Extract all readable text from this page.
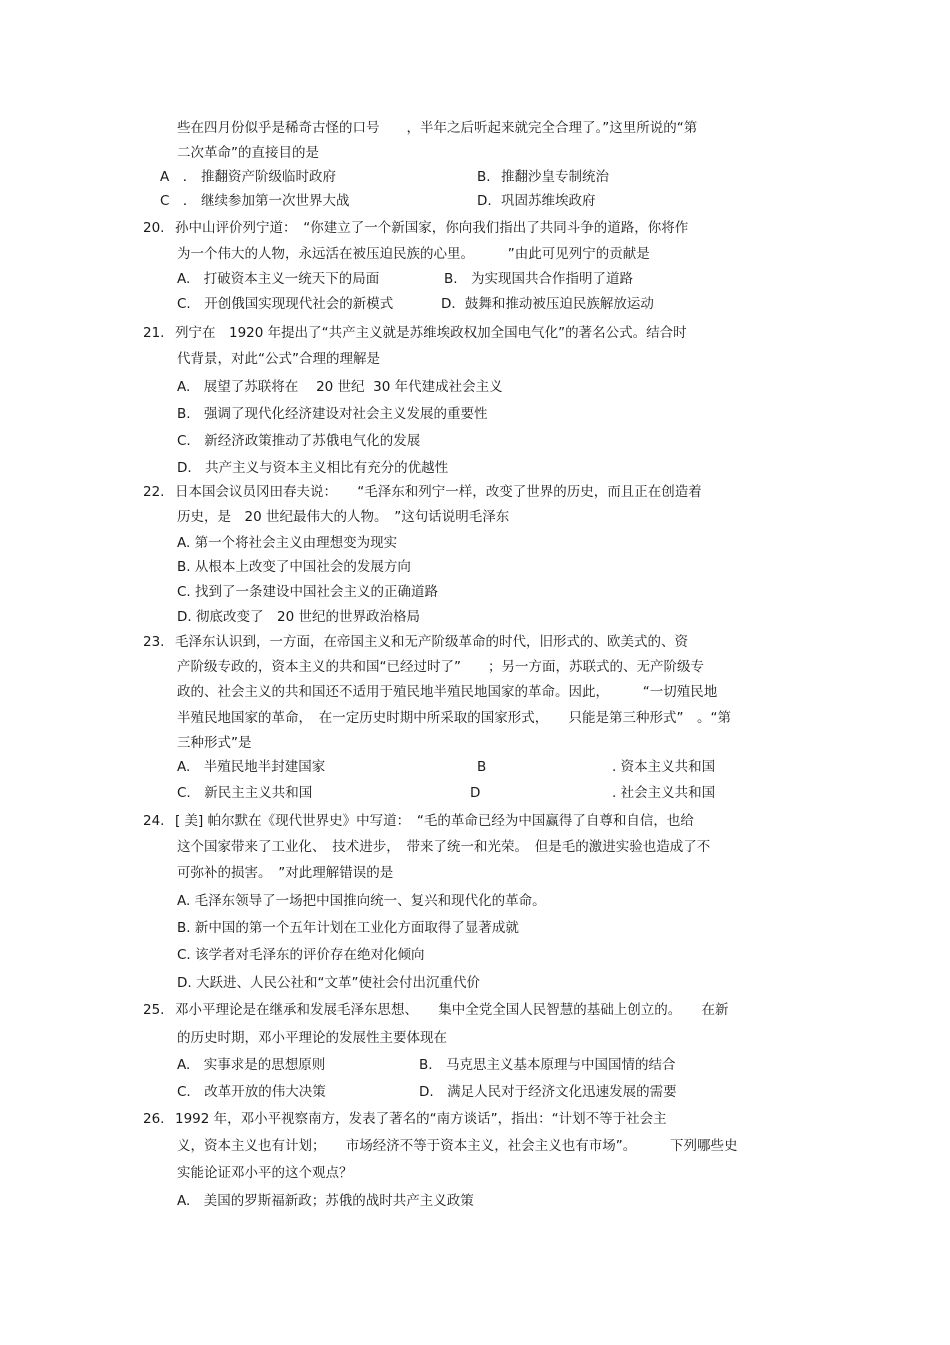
些在四月份似乎是稀奇古怪的口号　　，半年之后听起来就完全合理了。”这里所说的“第
二次革命”的直接目的是
A　． 推翻资产阶级临时政府	B. 推翻沙皇专制统治
C　． 继续参加第一次世界大战	D. 巩固苏维埃政府
20. 孙中山评价列宁道：　“你建立了一个新国家，你向我们指出了共同斗争的道路，你将作
为一个伟大的人物，永远活在被压迫民族的心里。　　　”由此可见列宁的贡献是
A.　打破资本主义一统天下的局面	B.　为实现国共合作指明了道路
C.　开创俄国实现现代社会的新模式	D．鼓舞和推动被压迫民族解放运动
21. 列宁在　1920 年提出了“共产主义就是苏维埃政权加全国电气化”的著名公式。结合时
代背景，对此“公式”合理的理解是
A.　展望了苏联将在　 20 世纪  30 年代建成社会主义
B.　强调了现代化经济建设对社会主义发展的重要性
C.　新经济政策推动了苏俄电气化的发展
D.　共产主义与资本主义相比有充分的优越性
22. 日本国会议员冈田春夫说：　　“毛泽东和列宁一样，改变了世界的历史，而且正在创造着
历史，是　20 世纪最伟大的人物。　”这句话说明毛泽东
A. 第一个将社会主义由理想变为现实
B. 从根本上改变了中国社会的发展方向
C. 找到了一条建设中国社会主义的正确道路
D. 彻底改变了　20 世纪的世界政治格局
23. 毛泽东认识到，一方面，在帝国主义和无产阶级革命的时代，旧形式的、欧美式的、资
产阶级专政的，资本主义的共和国“已经过时了”　　；另一方面，苏联式的、无产阶级专
政的、社会主义的共和国还不适用于殖民地半殖民地国家的革命。因此，　　　“一切殖民地
半殖民地国家的革命，　在一定历史时期中所采取的国家形式，　　只能是第三种形式”　。“第
三种形式”是
A.　半殖民地半封建国家	B	. 资本主义共和国
C.　新民主主义共和国	D	. 社会主义共和国
24. [ 美] 帕尔默在《现代世界史》中写道：　“毛的革命已经为中国赢得了自尊和自信，也给
这个国家带来了工业化、　技术进步，　带来了统一和光荣。　但是毛的激进实验也造成了不
可弥补的损害。　”对此理解错误的是
A. 毛泽东领导了一场把中国推向统一、复兴和现代化的革命。
B. 新中国的第一个五年计划在工业化方面取得了显著成就
C. 该学者对毛泽东的评价存在绝对化倾向
D. 大跃进、人民公社和“文革”使社会付出沉重代价
25. 邓小平理论是在继承和发展毛泽东思想、　　集中全党全国人民智慧的基础上创立的。　　在新
的历史时期，邓小平理论的发展性主要体现在
A.　实事求是的思想原则	B.　马克思主义基本原理与中国国情的结合
C.　改革开放的伟大决策	D.　满足人民对于经济文化迅速发展的需要
26. 1992 年，邓小平视察南方，发表了著名的“南方谈话”，指出：“计划不等于社会主
义，资本主义也有计划；　　市场经济不等于资本主义，社会主义也有市场”。　　　下列哪些史
实能论证邓小平的这个观点？
A.　美国的罗斯福新政；苏俄的战时共产主义政策
